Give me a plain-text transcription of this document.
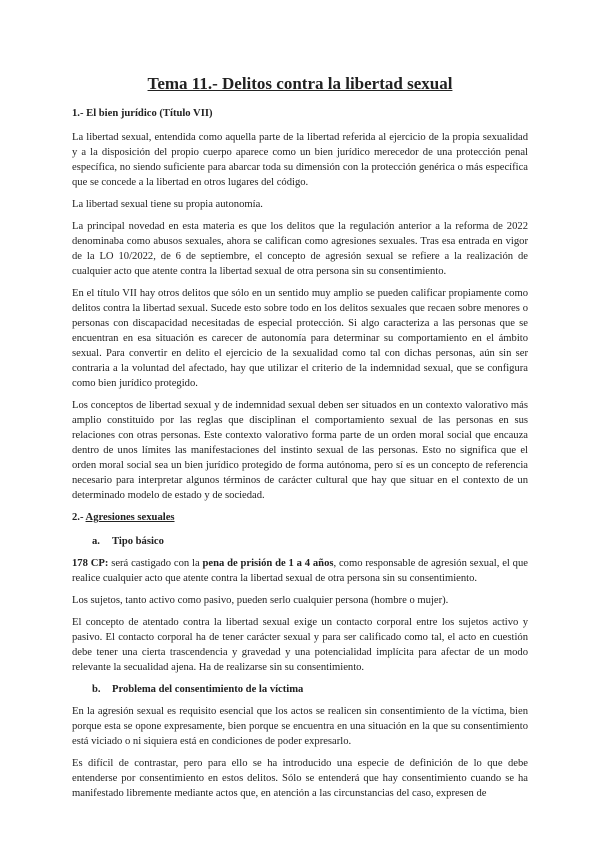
Tema 11.- Delitos contra la libertad sexual
1.- El bien jurídico (Título VII)

La libertad sexual, entendida como aquella parte de la libertad referida al ejercicio de la propia sexualidad y a la disposición del propio cuerpo aparece como un bien jurídico merecedor de una protección penal específica, no siendo suficiente para abarcar toda su dimensión con la protección genérica o más específica que se concede a la libertad en otros lugares del código.

La libertad sexual tiene su propia autonomía.

La principal novedad en esta materia es que los delitos que la regulación anterior a la reforma de 2022 denominaba como abusos sexuales, ahora se califican como agresiones sexuales. Tras esa entrada en vigor de la LO 10/2022, de 6 de septiembre, el concepto de agresión sexual se refiere a la realización de cualquier acto que atente contra la libertad sexual de otra persona sin su consentimiento.

En el título VII hay otros delitos que sólo en un sentido muy amplio se pueden calificar propiamente como delitos contra la libertad sexual. Sucede esto sobre todo en los delitos sexuales que recaen sobre menores o personas con discapacidad necesitadas de especial protección. Si algo caracteriza a las personas que se encuentran en esa situación es carecer de autonomía para determinar su comportamiento en el ámbito sexual. Para convertir en delito el ejercicio de la sexualidad como tal con dichas personas, aún sin ser contraria a la voluntad del afectado, hay que utilizar el criterio de la indemnidad sexual, que se configura como bien jurídico protegido.

Los conceptos de libertad sexual y de indemnidad sexual deben ser situados en un contexto valorativo más amplio constituido por las reglas que disciplinan el comportamiento sexual de las personas en sus relaciones con otras personas. Este contexto valorativo forma parte de un orden moral social que encauza dentro de unos límites las manifestaciones del instinto sexual de las personas. Esto no significa que el orden moral social sea un bien jurídico protegido de forma autónoma, pero sí es un concepto de referencia necesario para interpretar algunos términos de carácter cultural que hay que situar en el contexto de un determinado modelo de estado y de sociedad.

2.- Agresiones sexuales
a. Tipo básico

178 CP: será castigado con la pena de prisión de 1 a 4 años, como responsable de agresión sexual, el que realice cualquier acto que atente contra la libertad sexual de otra persona sin su consentimiento.

Los sujetos, tanto activo como pasivo, pueden serlo cualquier persona (hombre o mujer).

El concepto de atentado contra la libertad sexual exige un contacto corporal entre los sujetos activo y pasivo. El contacto corporal ha de tener carácter sexual y para ser calificado como tal, el acto en cuestión debe tener una cierta trascendencia y gravedad y una potencialidad implícita para afectar de un modo relevante la secualidad ajena. Ha de realizarse sin su consentimiento.

b. Problema del consentimiento de la víctima

En la agresión sexual es requisito esencial que los actos se realicen sin consentimiento de la víctima, bien porque esta se opone expresamente, bien porque se encuentra en una situación en la que su consentimiento está viciado o ni siquiera está en condiciones de poder expresarlo.

Es difícil de contrastar, pero para ello se ha introducido una especie de definición de lo que debe entenderse por consentimiento en estos delitos. Sólo se entenderá que hay consentimiento cuando se ha manifestado libremente mediante actos que, en atención a las circunstancias del caso, expresen de
